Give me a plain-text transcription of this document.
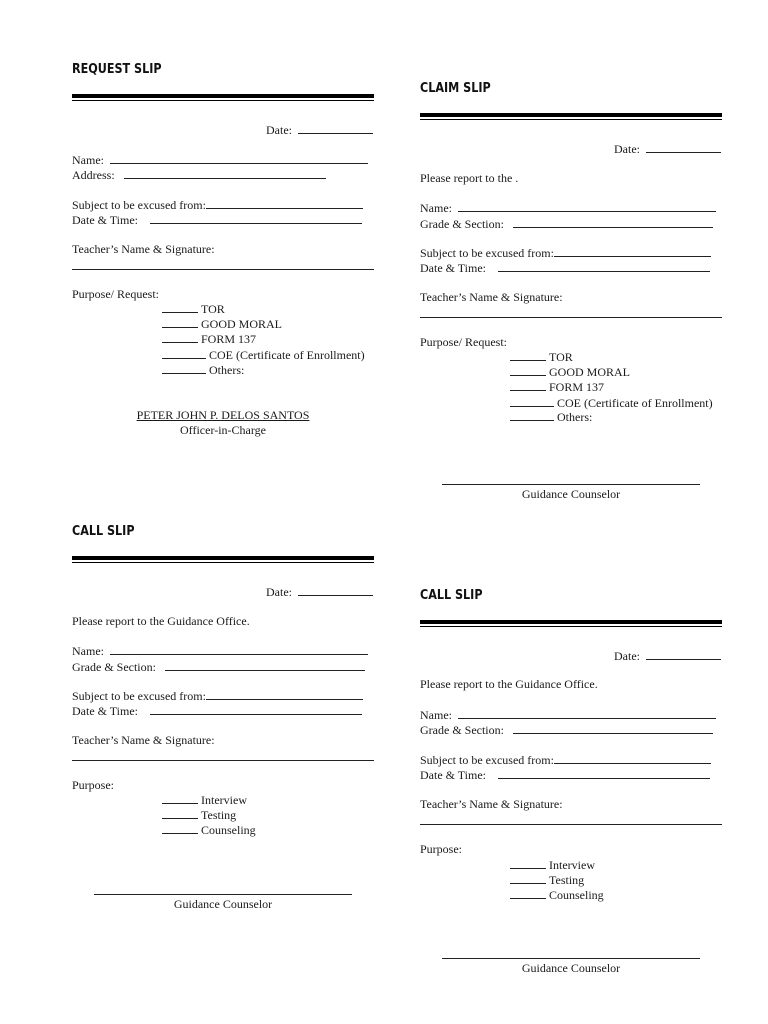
REQUEST SLIP
Date:
Name:
Address:
Subject to be excused from:
Date & Time:
Teacher’s Name & Signature:
Purpose/ Request:
TOR
GOOD MORAL
FORM 137
COE (Certificate of Enrollment)
Others:
PETER JOHN P. DELOS SANTOS
Officer-in-Charge
CLAIM SLIP
Date:
Please report to the .
Name:
Grade & Section:
Subject to be excused from:
Date & Time:
Teacher’s Name & Signature:
Purpose/ Request:
TOR
GOOD MORAL
FORM 137
COE (Certificate of Enrollment)
Others:
Guidance Counselor
CALL SLIP
Date:
Please report to the Guidance Office.
Name:
Grade & Section:
Subject to be excused from:
Date & Time:
Teacher’s Name & Signature:
Purpose:
Interview
Testing
Counseling
Guidance Counselor
CALL SLIP
Date:
Please report to the Guidance Office.
Name:
Grade & Section:
Subject to be excused from:
Date & Time:
Teacher’s Name & Signature:
Purpose:
Interview
Testing
Counseling
Guidance Counselor
